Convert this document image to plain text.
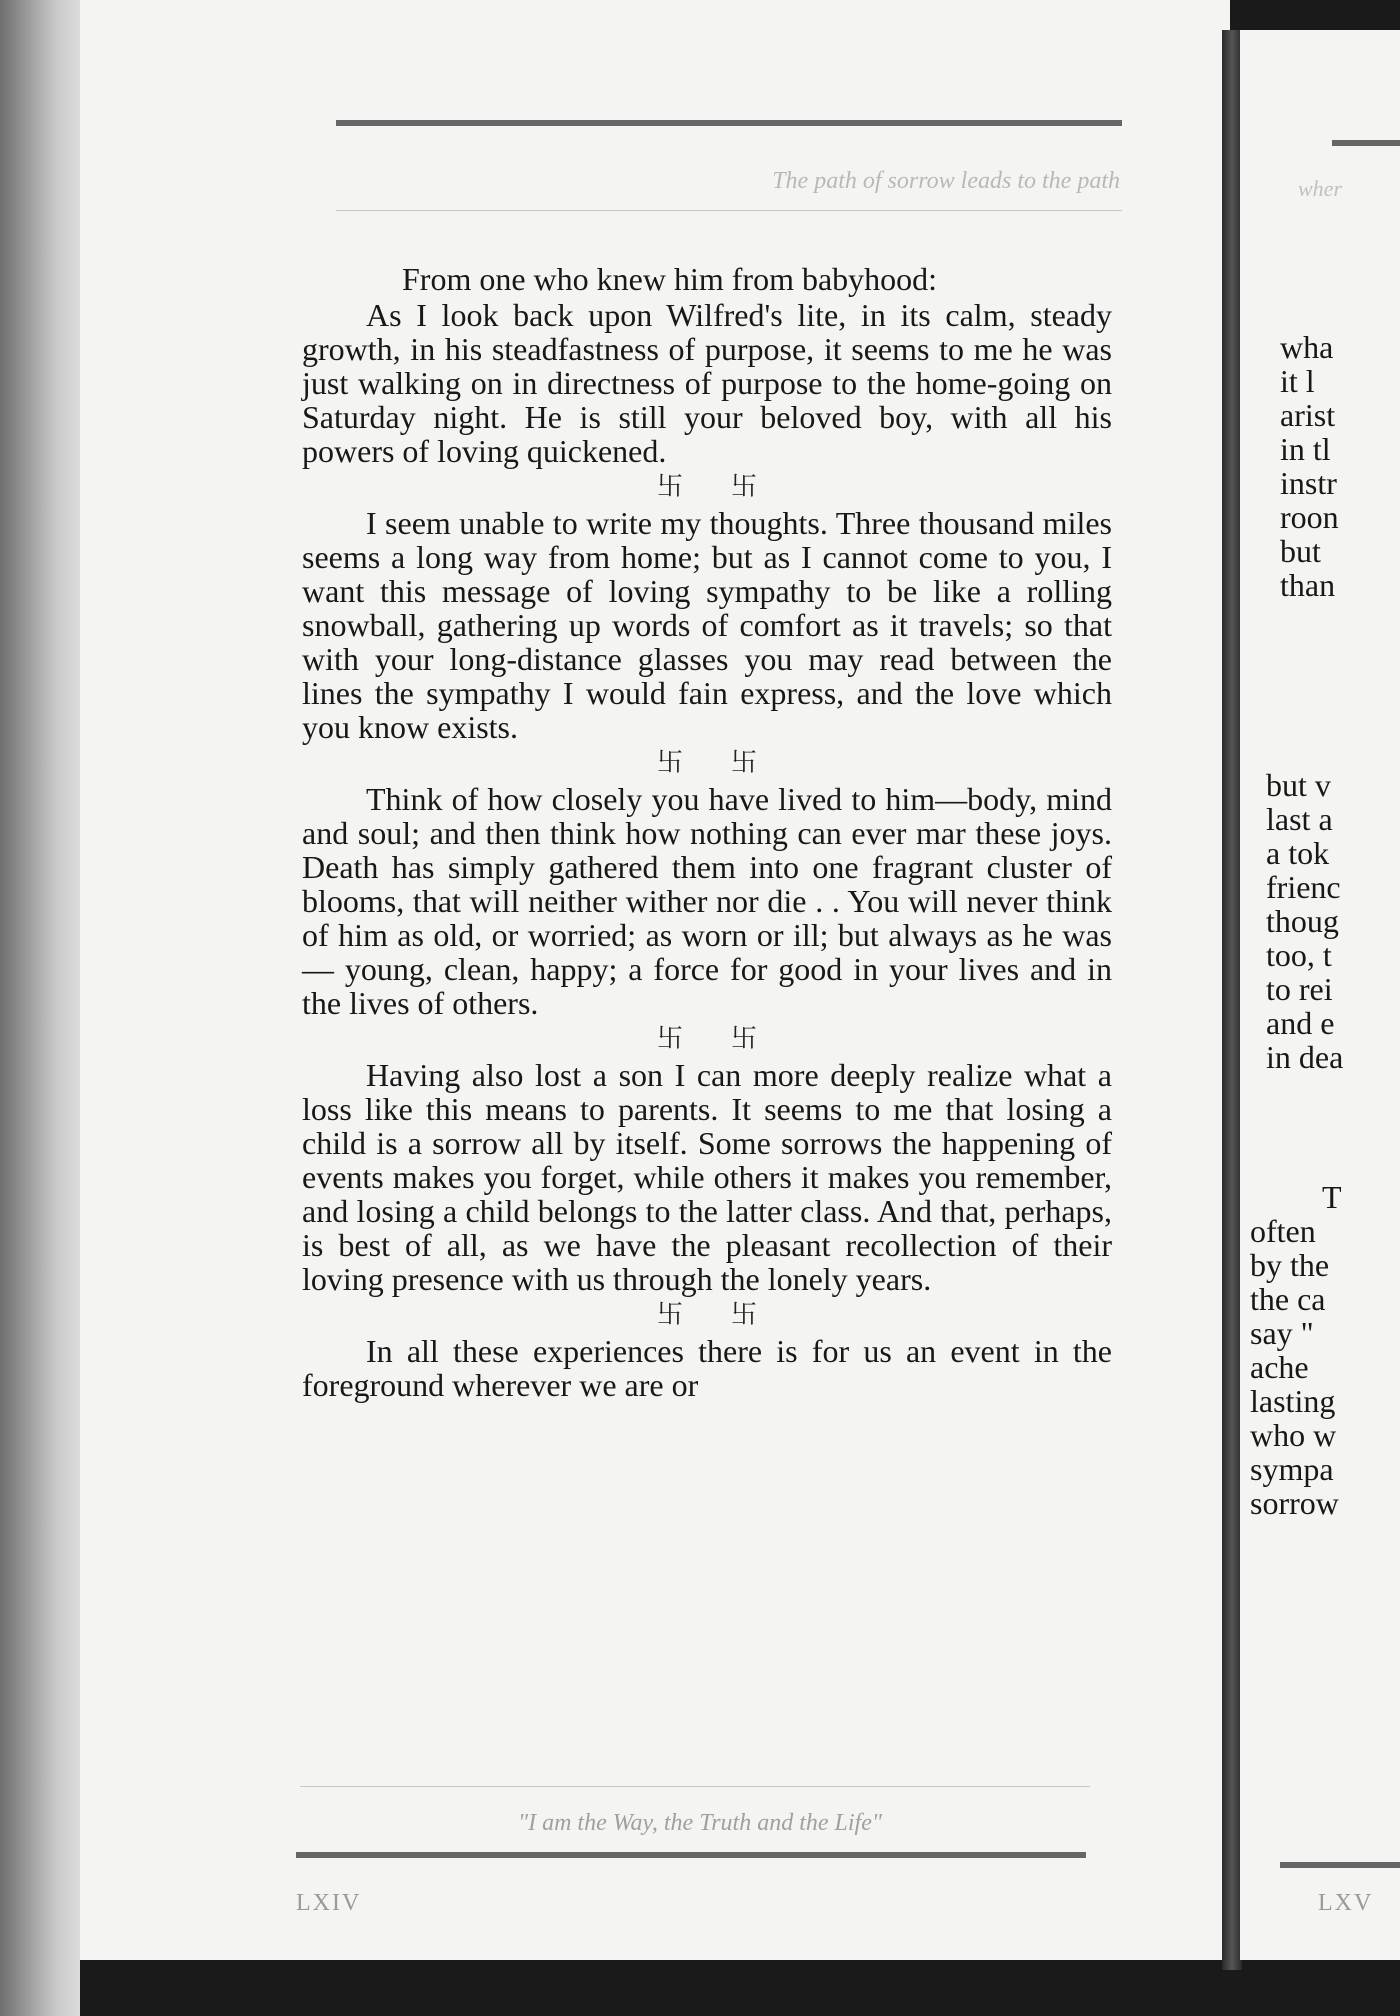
The path of sorrow leads to the path

From one who knew him from babyhood:

As I look back upon Wilfred's lite, in its calm, steady growth, in his steadfastness of purpose, it seems to me he was just walking on in directness of purpose to the home-going on Saturday night. He is still your beloved boy, with all his powers of loving quickened.

卐卐

I seem unable to write my thoughts. Three thousand miles seems a long way from home; but as I cannot come to you, I want this message of loving sympathy to be like a rolling snowball, gathering up words of comfort as it travels; so that with your long-distance glasses you may read between the lines the sympathy I would fain express, and the love which you know exists.

卐卐

Think of how closely you have lived to him—body, mind and soul; and then think how nothing can ever mar these joys. Death has simply gathered them into one fragrant cluster of blooms, that will neither wither nor die . . You will never think of him as old, or worried; as worn or ill; but always as he was — young, clean, happy; a force for good in your lives and in the lives of others.

卐卐

Having also lost a son I can more deeply realize what a loss like this means to parents. It seems to me that losing a child is a sorrow all by itself. Some sorrows the happening of events makes you forget, while others it makes you remember, and losing a child belongs to the latter class. And that, perhaps, is best of all, as we have the pleasant recollection of their loving presence with us through the lonely years.

卐卐

In all these experiences there is for us an event in the foreground wherever we are or

"I am the Way, the Truth and the Life"
LXIV
wher
wha
it l
arist
in tl
instr
roon
but
than
but v
last a
a tok
frienc
thoug
too, t
to rei
and e
in dea
T
often
by the
the ca
say "
ache
lasting
who w
sympa
sorrow
LXV
